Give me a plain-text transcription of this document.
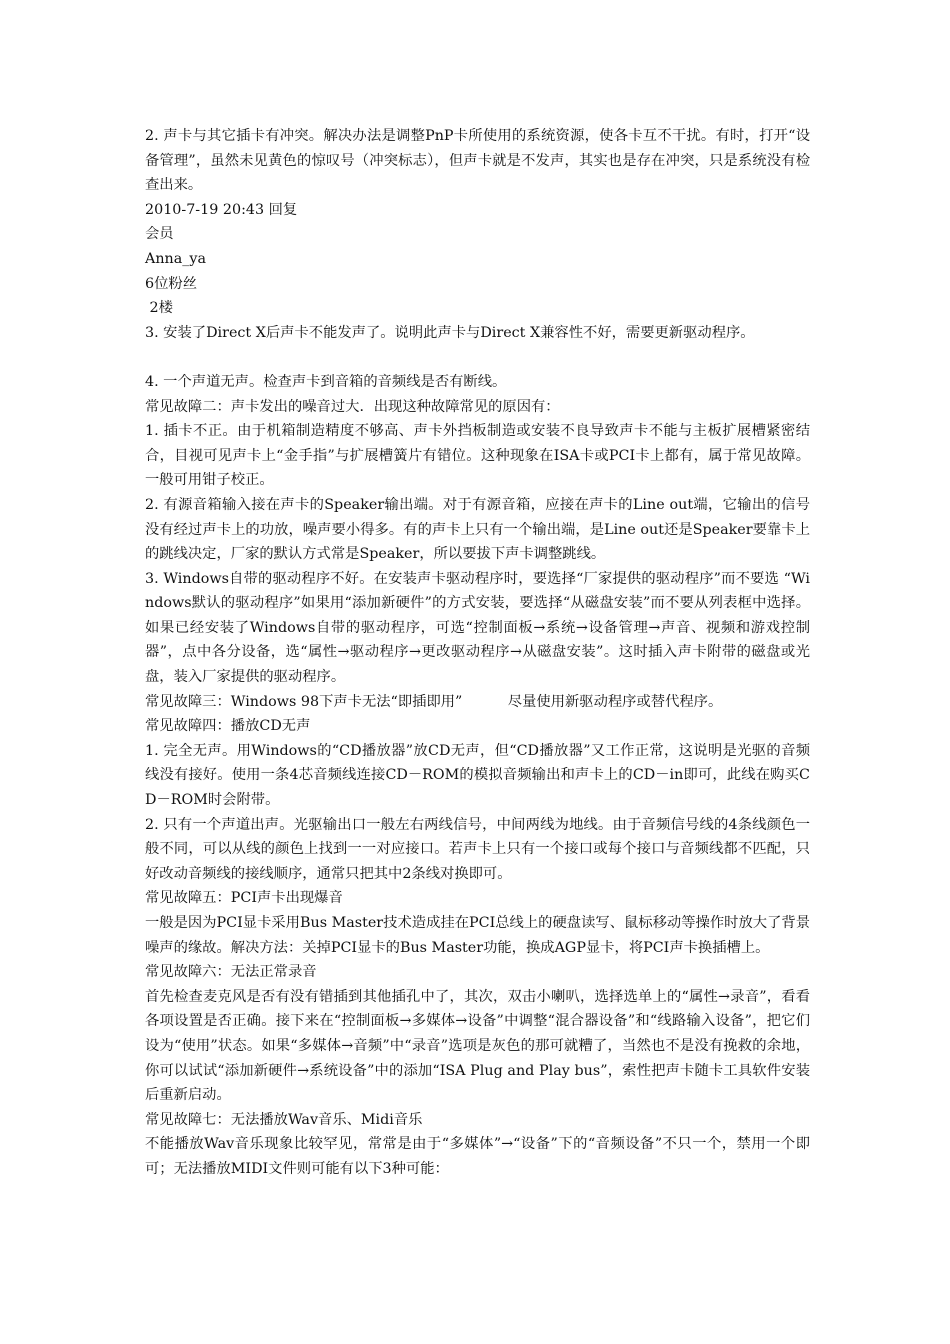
2. 声卡与其它插卡有冲突。解决办法是调整PnP卡所使用的系统资源，使各卡互不干扰。有时，打开“设备管理”，虽然未见黄色的惊叹号（冲突标志），但声卡就是不发声，其实也是存在冲突，只是系统没有检查出来。

2010-7-19 20:43 回复

会员

Anna_ya

6位粉丝

2楼

3. 安装了Direct X后声卡不能发声了。说明此声卡与Direct X兼容性不好，需要更新驱动程序。

4. 一个声道无声。检查声卡到音箱的音频线是否有断线。

常见故障二：声卡发出的噪音过大．出现这种故障常见的原因有：

1. 插卡不正。由于机箱制造精度不够高、声卡外挡板制造或安装不良导致声卡不能与主板扩展槽紧密结合，目视可见声卡上“金手指”与扩展槽簧片有错位。这种现象在ISA卡或PCI卡上都有，属于常见故障。一般可用钳子校正。

2. 有源音箱输入接在声卡的Speaker输出端。对于有源音箱，应接在声卡的Line out端，它输出的信号没有经过声卡上的功放，噪声要小得多。有的声卡上只有一个输出端，是Line out还是Speaker要靠卡上的跳线决定，厂家的默认方式常是Speaker，所以要拔下声卡调整跳线。

3. Windows自带的驱动程序不好。在安装声卡驱动程序时，要选择“厂家提供的驱动程序”而不要选 “Windows默认的驱动程序”如果用“添加新硬件”的方式安装，要选择“从磁盘安装”而不要从列表框中选择。如果已经安装了Windows自带的驱动程序，可选“控制面板→系统→设备管理→声音、视频和游戏控制器”，点中各分设备，选“属性→驱动程序→更改驱动程序→从磁盘安装”。这时插入声卡附带的磁盘或光盘，装入厂家提供的驱动程序。

常见故障三：Windows 98下声卡无法“即插即用”          尽量使用新驱动程序或替代程序。

常见故障四：播放CD无声

1. 完全无声。用Windows的“CD播放器”放CD无声，但“CD播放器”又工作正常，这说明是光驱的音频线没有接好。使用一条4芯音频线连接CD－ROM的模拟音频输出和声卡上的CD－in即可，此线在购买CD－ROM时会附带。

2. 只有一个声道出声。光驱输出口一般左右两线信号，中间两线为地线。由于音频信号线的4条线颜色一般不同，可以从线的颜色上找到一一对应接口。若声卡上只有一个接口或每个接口与音频线都不匹配，只好改动音频线的接线顺序，通常只把其中2条线对换即可。

常见故障五：PCI声卡出现爆音

一般是因为PCI显卡采用Bus Master技术造成挂在PCI总线上的硬盘读写、鼠标移动等操作时放大了背景噪声的缘故。解决方法：关掉PCI显卡的Bus Master功能，换成AGP显卡，将PCI声卡换插槽上。

常见故障六：无法正常录音

首先检查麦克风是否有没有错插到其他插孔中了，其次，双击小喇叭，选择选单上的“属性→录音”，看看各项设置是否正确。接下来在“控制面板→多媒体→设备”中调整“混合器设备”和“线路输入设备”，把它们设为“使用”状态。如果“多媒体→音频”中“录音”选项是灰色的那可就糟了，当然也不是没有挽救的余地，你可以试试“添加新硬件→系统设备”中的添加“ISA Plug and Play bus”，索性把声卡随卡工具软件安装后重新启动。

常见故障七：无法播放Wav音乐、Midi音乐

不能播放Wav音乐现象比较罕见，常常是由于“多媒体”→“设备”下的“音频设备”不只一个，禁用一个即可；无法播放MIDI文件则可能有以下3种可能：
